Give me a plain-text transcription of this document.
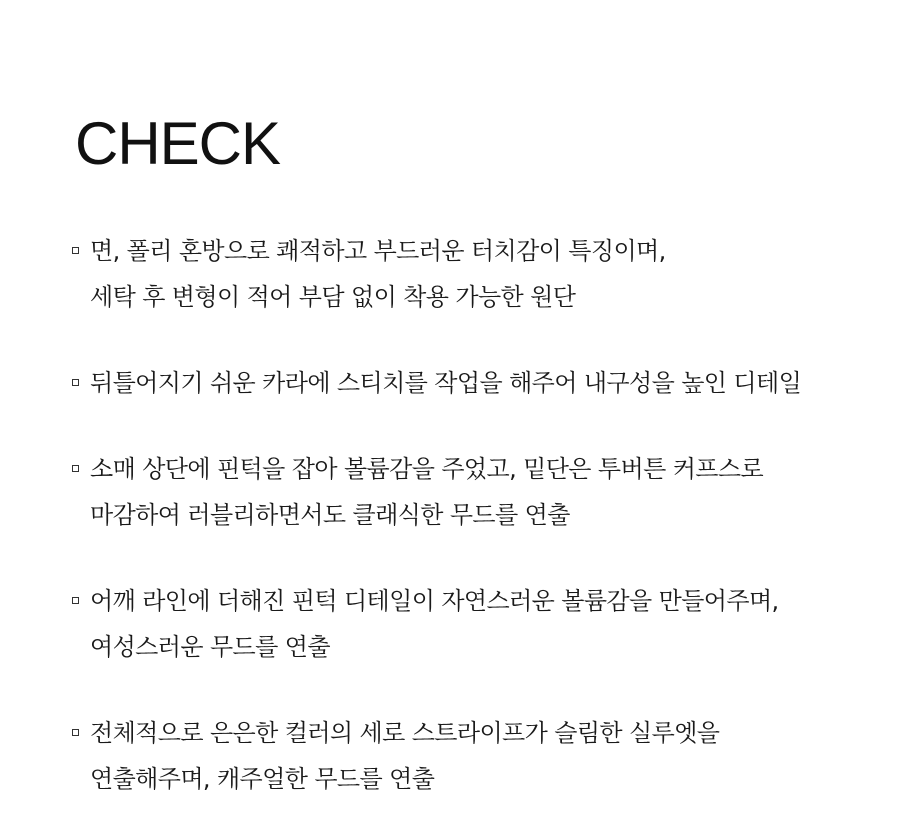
CHECK
면, 폴리 혼방으로 쾌적하고 부드러운 터치감이 특징이며,
세탁 후 변형이 적어 부담 없이 착용 가능한 원단
뒤틀어지기 쉬운 카라에 스티치를 작업을 해주어 내구성을 높인 디테일
소매 상단에 핀턱을 잡아 볼륨감을 주었고, 밑단은 투버튼 커프스로
마감하여 러블리하면서도 클래식한 무드를 연출
어깨 라인에 더해진 핀턱 디테일이 자연스러운 볼륨감을 만들어주며,
여성스러운 무드를 연출
전체적으로 은은한 컬러의 세로 스트라이프가 슬림한 실루엣을
연출해주며, 캐주얼한 무드를 연출
